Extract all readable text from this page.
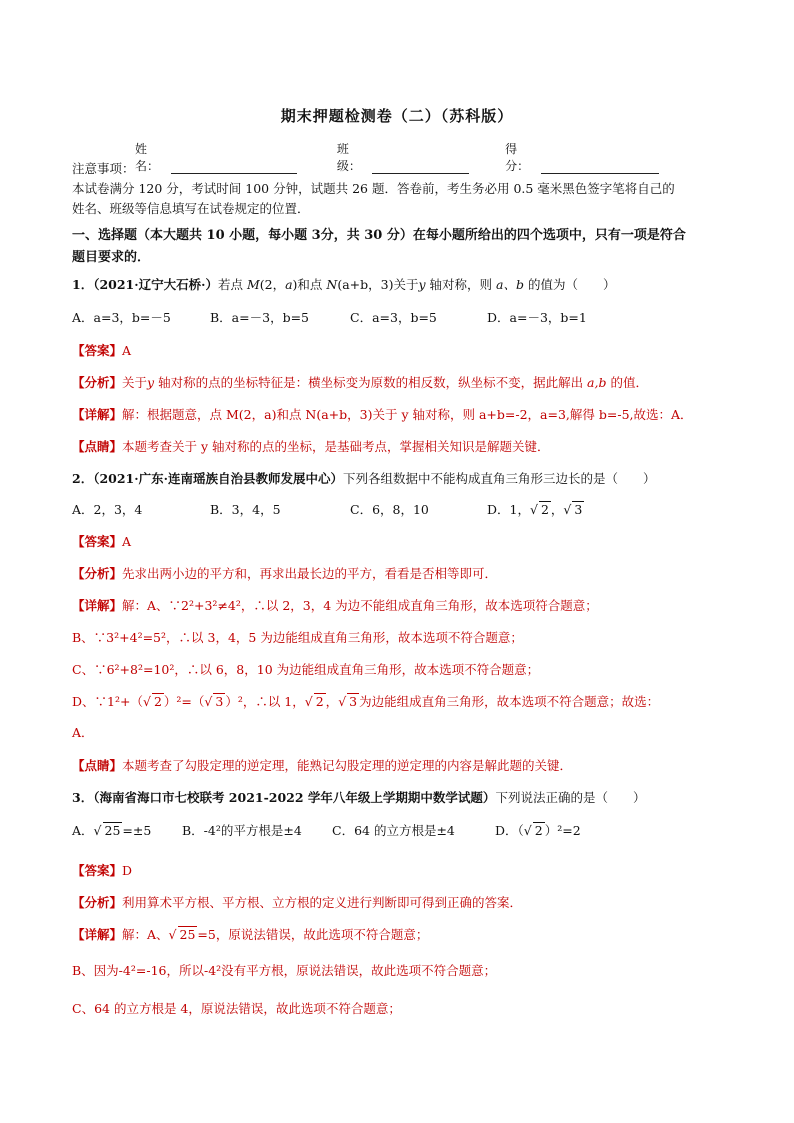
期末押题检测卷（二）（苏科版）
姓名：
班级：
得分：
注意事项：
本试卷满分 120 分，考试时间 100 分钟，试题共 26 题．答卷前，考生务必用 0.5 毫米黑色签字笔将自己的
姓名、班级等信息填写在试卷规定的位置．
一、选择题（本大题共 10 小题，每小题 3分，共 30 分）在每小题所给出的四个选项中，只有一项是符合
题目要求的．
1．（2021·辽宁大石桥·）若点 M(2，a)和点 N(a+b，3)关于y 轴对称，则 a、b 的值为（　　）
A．a=3，b=－5	B．a=－3，b=5	C．a=3，b=5	D．a=－3，b=1
【答案】A
【分析】关于y 轴对称的点的坐标特征是：横坐标变为原数的相反数，纵坐标不变，据此解出 a,b 的值．
【详解】解：根据题意，点 M(2，a)和点 N(a+b，3)关于 y 轴对称，则 a+b=-2，a=3,解得 b=-5,故选：A．
【点睛】本题考查关于 y 轴对称的点的坐标，是基础考点，掌握相关知识是解题关键．
2．（2021·广东·连南瑶族自治县教师发展中心）下列各组数据中不能构成直角三角形三边长的是（　　）
A．2，3，4	B．3，4，5	C．6，8，10	D．1，√ 2 ，√ 3
【答案】A
【分析】先求出两小边的平方和，再求出最长边的平方，看看是否相等即可．
【详解】解：A、∵2²+3²≠4²，∴以 2，3，4 为边不能组成直角三角形，故本选项符合题意；
B、∵3²+4²=5²，∴以 3，4，5 为边能组成直角三角形，故本选项不符合题意；
C、∵6²+8²=10²，∴以 6，8，10 为边能组成直角三角形，故本选项不符合题意；
D、∵1²+（√ 2 ）²=（√ 3 ）²，∴以 1，√ 2 ，√ 3 为边能组成直角三角形，故本选项不符合题意；故选：
A．
【点睛】本题考查了勾股定理的逆定理，能熟记勾股定理的逆定理的内容是解此题的关键．
3．（海南省海口市七校联考 2021-2022 学年八年级上学期期中数学试题）下列说法正确的是（　　）
A．√ 25 =±5	B．-4²的平方根是±4	C．64 的立方根是±4	D．（√ 2 ）²=2
【答案】D
【分析】利用算术平方根、平方根、立方根的定义进行判断即可得到正确的答案．
【详解】解：A、√ 25 =5，原说法错误，故此选项不符合题意；
B、因为-4²=-16，所以-4²没有平方根，原说法错误，故此选项不符合题意；
C、64 的立方根是 4，原说法错误，故此选项不符合题意；
